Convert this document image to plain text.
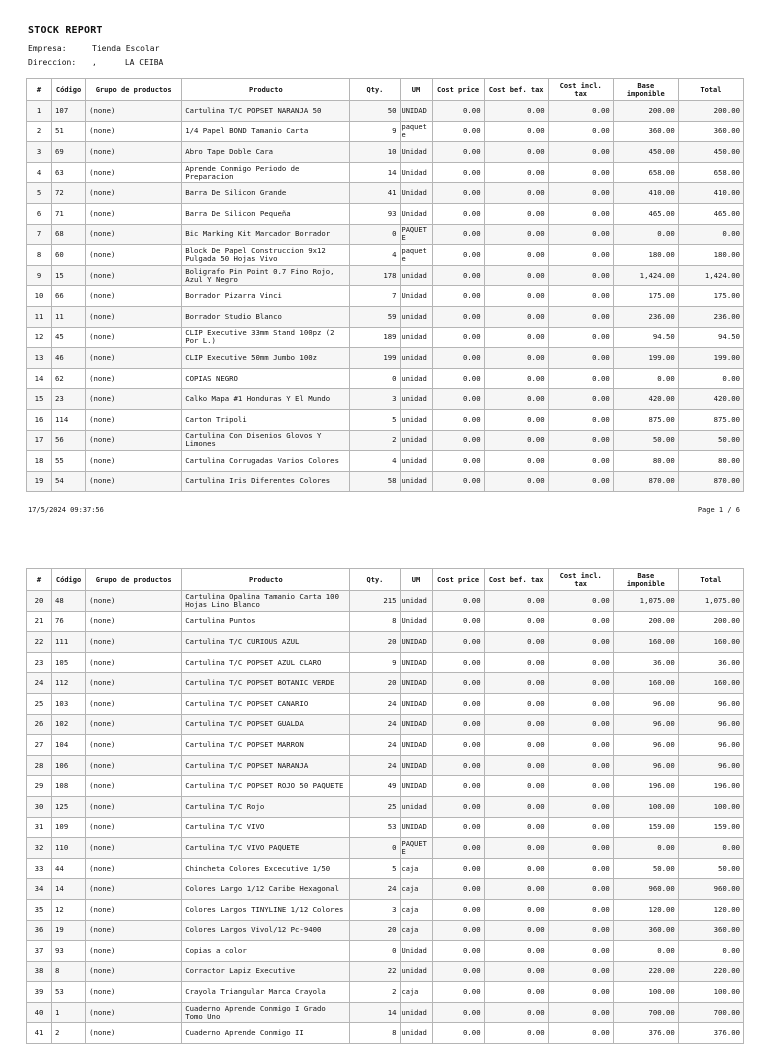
STOCK REPORT
Empresa:	Tienda Escolar
Direccion: ,	LA CEIBA
#	Código	Grupo de productos	Producto	Qty.	UM	Cost price	Cost bef. tax	Cost incl. tax	Base imponible	Total
1	107	(none)	Cartulina T/C POPSET NARANJA 50	50	UNIDAD	0.00	0.00	0.00	200.00	200.00
2	51	(none)	1/4 Papel BOND Tamanio Carta	9	paquete	0.00	0.00	0.00	360.00	360.00
3	69	(none)	Abro Tape Doble Cara	10	Unidad	0.00	0.00	0.00	450.00	450.00
4	63	(none)	Aprende Conmigo Periodo de Preparacion	14	Unidad	0.00	0.00	0.00	658.00	658.00
5	72	(none)	Barra De Silicon Grande	41	Unidad	0.00	0.00	0.00	410.00	410.00
6	71	(none)	Barra De Silicon Pequeña	93	Unidad	0.00	0.00	0.00	465.00	465.00
7	68	(none)	Bic Marking Kit Marcador Borrador	0	PAQUETE	0.00	0.00	0.00	0.00	0.00
8	60	(none)	Block De Papel Construccion 9x12 Pulgada 50 Hojas Vivo	4	paquete	0.00	0.00	0.00	180.00	180.00
9	15	(none)	Boligrafo Pin Point 0.7 Fino Rojo, Azul Y Negro	178	unidad	0.00	0.00	0.00	1,424.00	1,424.00
10	66	(none)	Borrador Pizarra Vinci	7	Unidad	0.00	0.00	0.00	175.00	175.00
11	11	(none)	Borrador Studio Blanco	59	unidad	0.00	0.00	0.00	236.00	236.00
12	45	(none)	CLIP Executive 33mm Stand 100pz (2 Por L.)	189	unidad	0.00	0.00	0.00	94.50	94.50
13	46	(none)	CLIP Executive 50mm Jumbo 100z	199	unidad	0.00	0.00	0.00	199.00	199.00
14	62	(none)	COPIAS NEGRO	0	unidad	0.00	0.00	0.00	0.00	0.00
15	23	(none)	Calko Mapa #1 Honduras Y El Mundo	3	unidad	0.00	0.00	0.00	420.00	420.00
16	114	(none)	Carton Tripoli	5	unidad	0.00	0.00	0.00	875.00	875.00
17	56	(none)	Cartulina Con Disenios Glovos Y Limones	2	unidad	0.00	0.00	0.00	50.00	50.00
18	55	(none)	Cartulina Corrugadas Varios Colores	4	unidad	0.00	0.00	0.00	80.00	80.00
19	54	(none)	Cartulina Iris Diferentes Colores	58	unidad	0.00	0.00	0.00	870.00	870.00
17/5/2024 09:37:56	Page 1 / 6
#	Código	Grupo de productos	Producto	Qty.	UM	Cost price	Cost bef. tax	Cost incl. tax	Base imponible	Total
20	48	(none)	Cartulina Opalina Tamanio Carta 100 Hojas Lino Blanco	215	unidad	0.00	0.00	0.00	1,075.00	1,075.00
21	76	(none)	Cartulina Puntos	8	Unidad	0.00	0.00	0.00	200.00	200.00
22	111	(none)	Cartulina T/C CURIOUS AZUL	20	UNIDAD	0.00	0.00	0.00	160.00	160.00
23	105	(none)	Cartulina T/C POPSET AZUL CLARO	9	UNIDAD	0.00	0.00	0.00	36.00	36.00
24	112	(none)	Cartulina T/C POPSET BOTANIC VERDE	20	UNIDAD	0.00	0.00	0.00	160.00	160.00
25	103	(none)	Cartulina T/C POPSET CANARIO	24	UNIDAD	0.00	0.00	0.00	96.00	96.00
26	102	(none)	Cartulina T/C POPSET GUALDA	24	UNIDAD	0.00	0.00	0.00	96.00	96.00
27	104	(none)	Cartulina T/C POPSET MARRON	24	UNIDAD	0.00	0.00	0.00	96.00	96.00
28	106	(none)	Cartulina T/C POPSET NARANJA	24	UNIDAD	0.00	0.00	0.00	96.00	96.00
29	108	(none)	Cartulina T/C POPSET ROJO 50 PAQUETE	49	UNIDAD	0.00	0.00	0.00	196.00	196.00
30	125	(none)	Cartulina T/C Rojo	25	unidad	0.00	0.00	0.00	100.00	100.00
31	109	(none)	Cartulina T/C VIVO	53	UNIDAD	0.00	0.00	0.00	159.00	159.00
32	110	(none)	Cartulina T/C VIVO PAQUETE	0	PAQUETE	0.00	0.00	0.00	0.00	0.00
33	44	(none)	Chincheta Colores Excecutive 1/50	5	caja	0.00	0.00	0.00	50.00	50.00
34	14	(none)	Colores Largo 1/12 Caribe Hexagonal	24	caja	0.00	0.00	0.00	960.00	960.00
35	12	(none)	Colores Largos TINYLINE 1/12 Colores	3	caja	0.00	0.00	0.00	120.00	120.00
36	19	(none)	Colores Largos Vivol/12 Pc-9400	20	caja	0.00	0.00	0.00	360.00	360.00
37	93	(none)	Copias a color	0	Unidad	0.00	0.00	0.00	0.00	0.00
38	8	(none)	Corractor Lapiz Executive	22	unidad	0.00	0.00	0.00	220.00	220.00
39	53	(none)	Crayola Triangular Marca Crayola	2	caja	0.00	0.00	0.00	100.00	100.00
40	1	(none)	Cuaderno Aprende Conmigo I Grado Tomo Uno	14	unidad	0.00	0.00	0.00	700.00	700.00
41	2	(none)	Cuaderno Aprende Conmigo II	8	unidad	0.00	0.00	0.00	376.00	376.00
